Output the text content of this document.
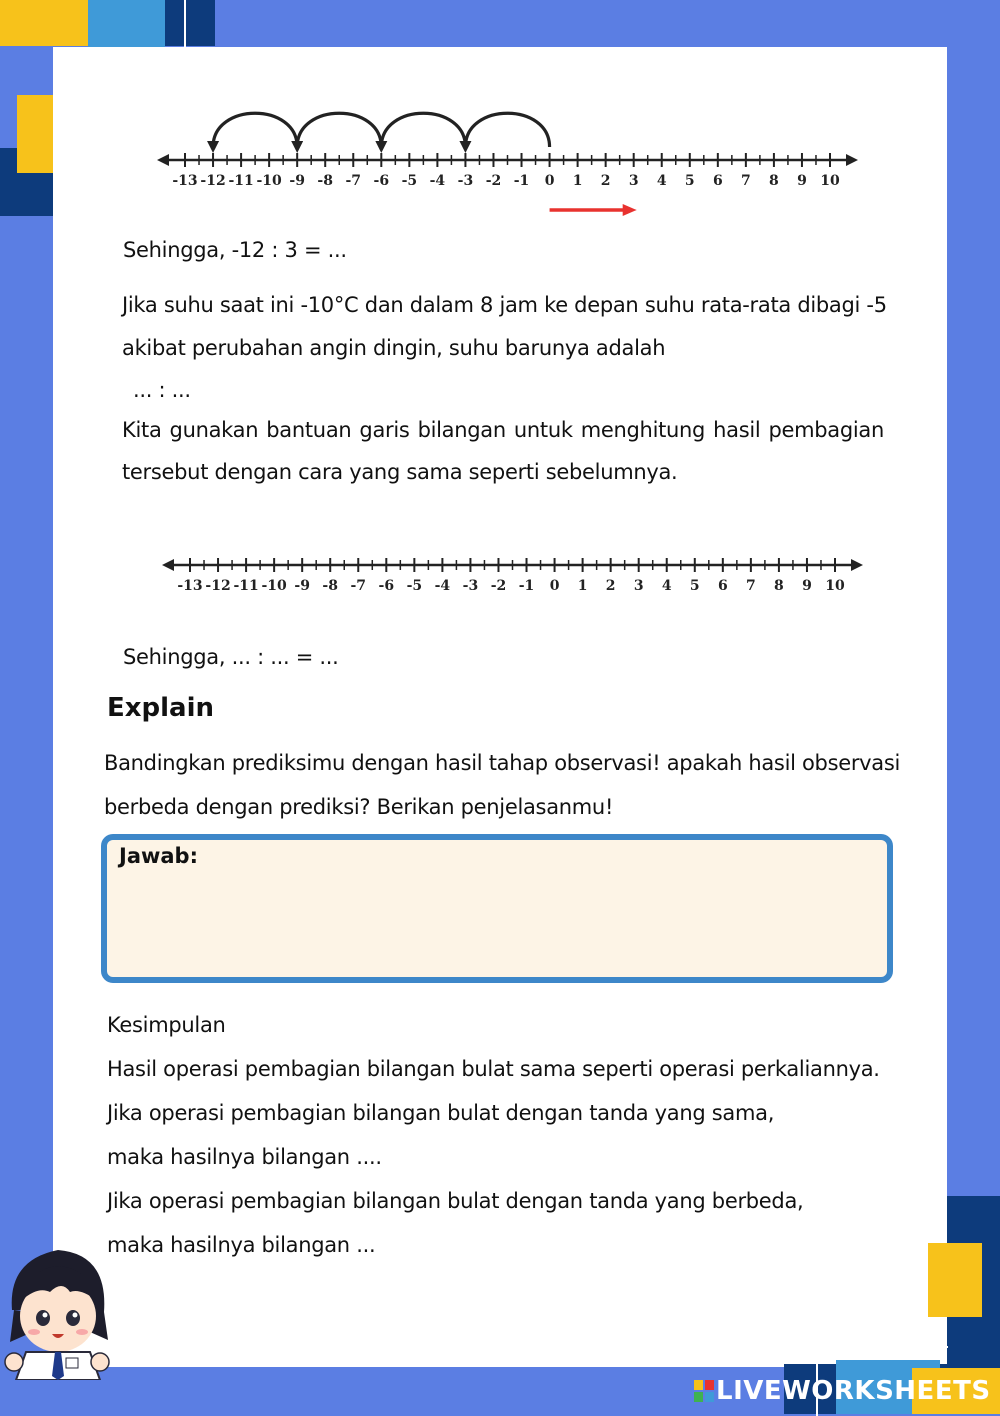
-13 -12 -11 -10 -9 -8 -7 -6 -5 -4 -3 -2 -1 0 1 2 3 4 5 6 7 8 9 10
Sehingga, -12 : 3 = ...
Jika suhu saat ini -10°C dan dalam 8 jam ke depan suhu rata-rata dibagi -5
akibat perubahan angin dingin, suhu barunya adalah
... : ...
Kita gunakan bantuan garis bilangan untuk menghitung hasil pembagian
tersebut dengan cara yang sama seperti sebelumnya.
-13 -12 -11 -10 -9 -8 -7 -6 -5 -4 -3 -2 -1 0 1 2 3 4 5 6 7 8 9 10
Sehingga, ... : ... = ...
Explain
Bandingkan prediksimu dengan hasil tahap observasi! apakah hasil observasi
berbeda dengan prediksi? Berikan penjelasanmu!
Jawab:
Kesimpulan
Hasil operasi pembagian bilangan bulat sama seperti operasi perkaliannya.
Jika operasi pembagian bilangan bulat dengan tanda yang sama,
maka hasilnya bilangan ....
Jika operasi pembagian bilangan bulat dengan tanda yang berbeda,
maka hasilnya bilangan ...
LIVEWORKSHEETS
